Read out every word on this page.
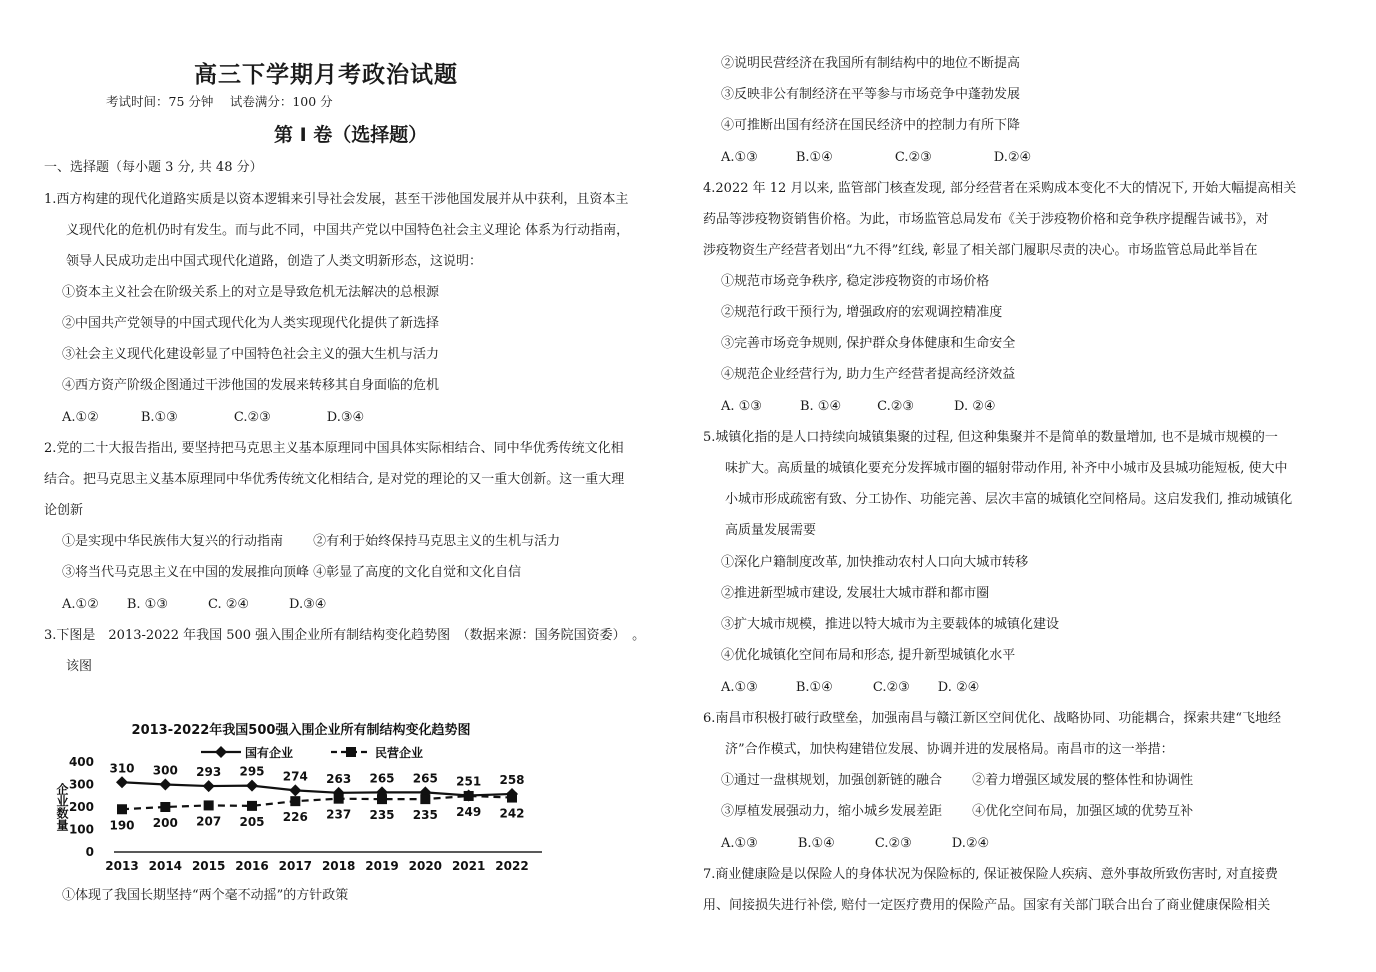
高三下学期月考政治试题
考试时间：75 分钟　 试卷满分：100 分
第 I 卷（选择题）
一、选择题（每小题 3 分, 共 48 分）
1.西方构建的现代化道路实质是以资本逻辑来引导社会发展，甚至干涉他国发展并从中获利，且资本主
义现代化的危机仍时有发生。而与此不同，中国共产党以中国特色社会主义理论 体系为行动指南，
领导人民成功走出中国式现代化道路，创造了人类文明新形态，这说明：
①资本主义社会在阶级关系上的对立是导致危机无法解决的总根源
②中国共产党领导的中国式现代化为人类实现现代化提供了新选择
③社会主义现代化建设彰显了中国特色社会主义的强大生机与活力
④西方资产阶级企图通过干涉他国的发展来转移其自身面临的危机
A.①②	B.①③	C.②③	D.③④
2.党的二十大报告指出, 要坚持把马克思主义基本原理同中国具体实际相结合、同中华优秀传统文化相
结合。把马克思主义基本原理同中华优秀传统文化相结合, 是对党的理论的又一重大创新。这一重大理
论创新
①是实现中华民族伟大复兴的行动指南　　 ②有利于始终保持马克思主义的生机与活力
③将当代马克思主义在中国的发展推向顶峰 ④彰显了高度的文化自觉和文化自信
A.①② B. ①③	C. ②④	D.③④
3.下图是　2013-2022 年我国 500 强入围企业所有制结构变化趋势图　（数据来源：国务院国资委）　。
该图
①体现了我国长期坚持“两个毫不动摇”的方针政策
2013-2022年我国500强入围企业所有制结构变化趋势图
国有企业	民营企业
企业数量
0
100
200
300
400
2013 2014 2015 2016 2017 2018 2019 2020 2021 2022
310 300 293 295 274 263 265 265 251 258
190 200 207 205 226 237 235 235 249 242
②说明民营经济在我国所有制结构中的地位不断提高
③反映非公有制经济在平等参与市场竞争中蓬勃发展
④可推断出国有经济在国民经济中的控制力有所下降
A.①③	B.①④	C.②③	D.②④
4.2022 年 12 月以来, 监管部门核查发现, 部分经营者在采购成本变化不大的情况下, 开始大幅提高相关
药品等涉疫物资销售价格。为此，市场监管总局发布《关于涉疫物价格和竞争秩序提醒告诫书》，对
涉疫物资生产经营者划出“九不得”红线, 彰显了相关部门履职尽责的决心。市场监管总局此举旨在
①规范市场竞争秩序, 稳定涉疫物资的市场价格
②规范行政干预行为, 增强政府的宏观调控精准度
③完善市场竞争规则, 保护群众身体健康和生命安全
④规范企业经营行为, 助力生产经营者提高经济效益
A. ①③	B. ①④	C.②③	D. ②④
5.城镇化指的是人口持续向城镇集聚的过程, 但这种集聚并不是简单的数量增加, 也不是城市规模的一
味扩大。高质量的城镇化要充分发挥城市圈的辐射带动作用, 补齐中小城市及县城功能短板, 使大中
小城市形成疏密有致、分工协作、功能完善、层次丰富的城镇化空间格局。这启发我们, 推动城镇化
高质量发展需要
①深化户籍制度改革, 加快推动农村人口向大城市转移
②推进新型城市建设, 发展壮大城市群和都市圈
③扩大城市规模，推进以特大城市为主要载体的城镇化建设
④优化城镇化空间布局和形态, 提升新型城镇化水平
A.①③	B.①④	C.②③ D. ②④
6.南昌市积极打破行政壁垒，加强南昌与赣江新区空间优化、战略协同、功能耦合，探索共建“飞地经
济”合作模式，加快构建错位发展、协调并进的发展格局。南昌市的这一举措：
①通过一盘棋规划，加强创新链的融合　　 ②着力增强区域发展的整体性和协调性
③厚植发展强动力，缩小城乡发展差距　　 ④优化空间布局，加强区域的优势互补
A.①③	B.①④	C.②③	D.②④
7.商业健康险是以保险人的身体状况为保险标的, 保证被保险人疾病、意外事故所致伤害时, 对直接费
用、间接损失进行补偿, 赔付一定医疗费用的保险产品。国家有关部门联合出台了商业健康保险相关
